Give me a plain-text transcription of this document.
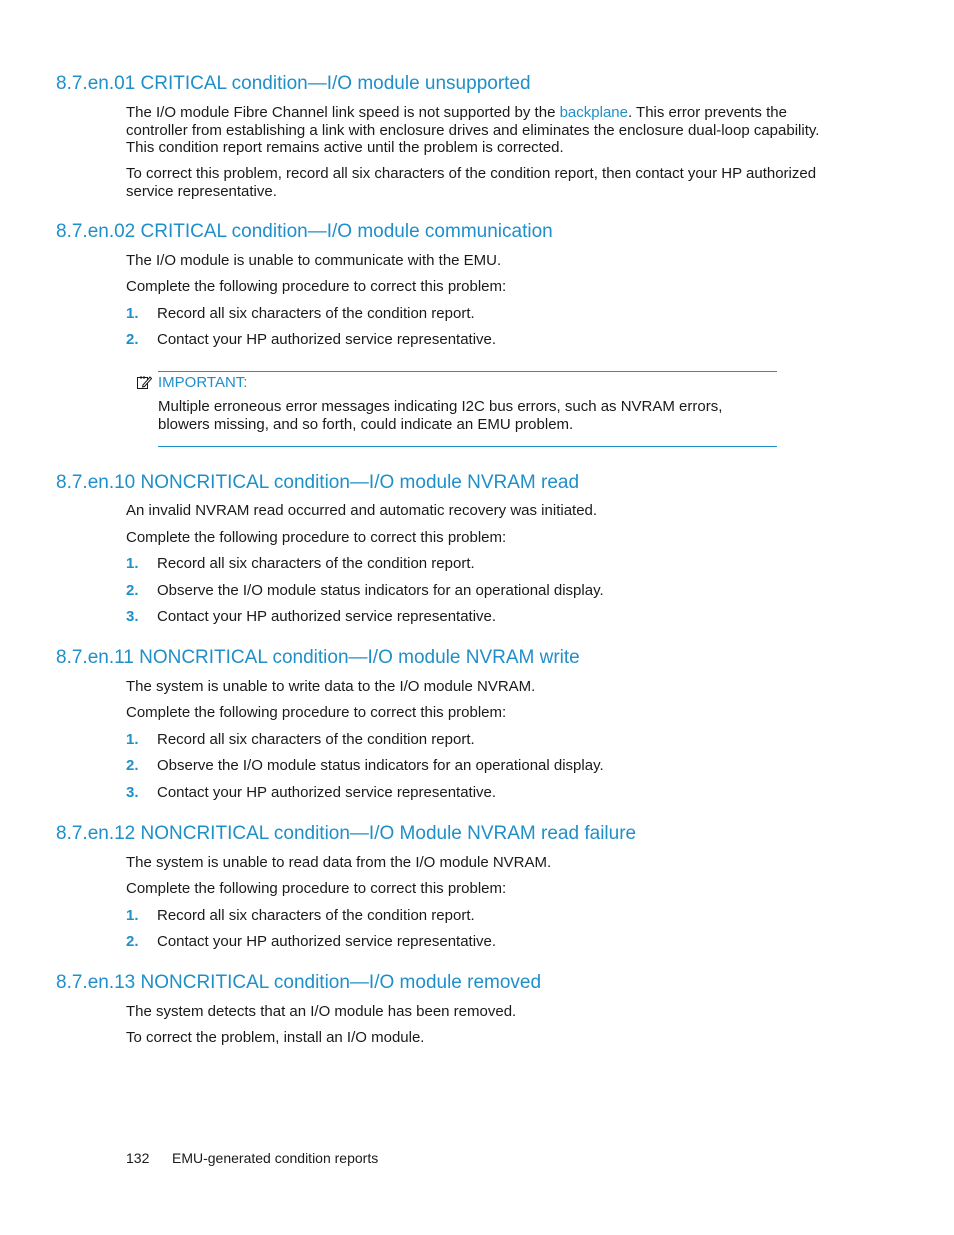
8.7.en.01 CRITICAL condition—I/O module unsupported

The I/O module Fibre Channel link speed is not supported by the backplane. This error prevents the controller from establishing a link with enclosure drives and eliminates the enclosure dual-loop capability. This condition report remains active until the problem is corrected.

To correct this problem, record all six characters of the condition report, then contact your HP authorized service representative.

8.7.en.02 CRITICAL condition—I/O module communication

The I/O module is unable to communicate with the EMU.

Complete the following procedure to correct this problem:

1. Record all six characters of the condition report.
2. Contact your HP authorized service representative.
IMPORTANT:

Multiple erroneous error messages indicating I2C bus errors, such as NVRAM errors, blowers missing, and so forth, could indicate an EMU problem.

8.7.en.10 NONCRITICAL condition—I/O module NVRAM read

An invalid NVRAM read occurred and automatic recovery was initiated.

Complete the following procedure to correct this problem:

1. Record all six characters of the condition report.
2. Observe the I/O module status indicators for an operational display.
3. Contact your HP authorized service representative.
8.7.en.11 NONCRITICAL condition—I/O module NVRAM write

The system is unable to write data to the I/O module NVRAM.

Complete the following procedure to correct this problem:

1. Record all six characters of the condition report.
2. Observe the I/O module status indicators for an operational display.
3. Contact your HP authorized service representative.
8.7.en.12 NONCRITICAL condition—I/O Module NVRAM read failure

The system is unable to read data from the I/O module NVRAM.

Complete the following procedure to correct this problem:

1. Record all six characters of the condition report.
2. Contact your HP authorized service representative.
8.7.en.13 NONCRITICAL condition—I/O module removed

The system detects that an I/O module has been removed.

To correct the problem, install an I/O module.

132 EMU-generated condition reports
